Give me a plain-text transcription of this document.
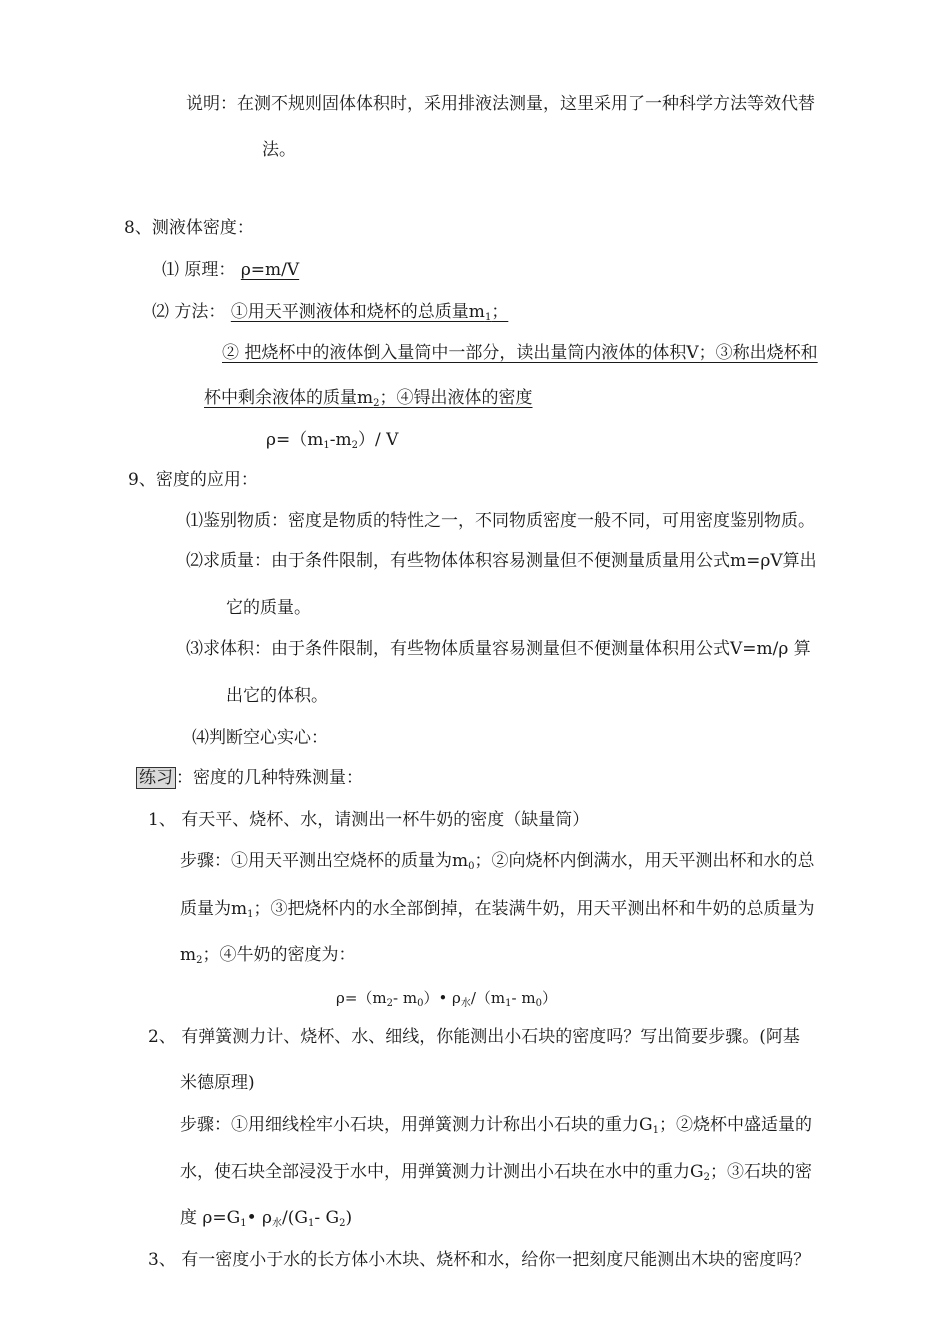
说明：在测不规则固体体积时，采用排液法测量，这里采用了一种科学方法等效代替
法。
8、测液体密度：
⑴ 原理： ρ=m/V
⑵ 方法： ①用天平测液体和烧杯的总质量$m_1$；
② 把烧杯中的液体倒入量筒中一部分，读出量筒内液体的体积V；③称出烧杯和
杯中剩余液体的质量$m_2$；④锝出液体的密度
$\rho=(m_1-m_2)/$ V
9、密度的应用：
⑴鉴别物质：密度是物质的特性之一，不同物质密度一般不同，可用密度鉴别物质。
⑵求质量：由于条件限制，有些物体体积容易测量但不便测量质量用公式m=ρV算出
它的质量。
⑶求体积：由于条件限制，有些物体质量容易测量但不便测量体积用公式V=m/ρ 算
出它的体积。
⑷判断空心实心：
练习 ：密度的几种特殊测量：
1、 有天平、烧杯、水，请测出一杯牛奶的密度（缺量筒）
步骤：①用天平测出空烧杯的质量为$m_0$；②向烧杯内倒满水，用天平测出杯和水的总
质量为$m_1$；③把烧杯内的水全部倒掉，在装满牛奶，用天平测出杯和牛奶的总质量为
$m_2$；④牛奶的密度为：
$\rho=(m_2-$ $m_0)•$ $\rho_水/(m_1-$ $m_0$）
2、 有弹簧测力计、烧杯、水、细线，你能测出小石块的密度吗？写出简要步骤。(阿基
米德原理)
步骤：①用细线栓牢小石块，用弹簧测力计称出小石块的重力$G_1$；②烧杯中盛适量的
水，使石块全部浸没于水中，用弹簧测力计测出小石块在水中的重力$G_2$；③石块的密
度 $\rho=G_1•$ $\rho_水/(G_1-$ $G_2$)
3、 有一密度小于水的长方体小木块、烧杯和水，给你一把刻度尺能测出木块的密度吗？
